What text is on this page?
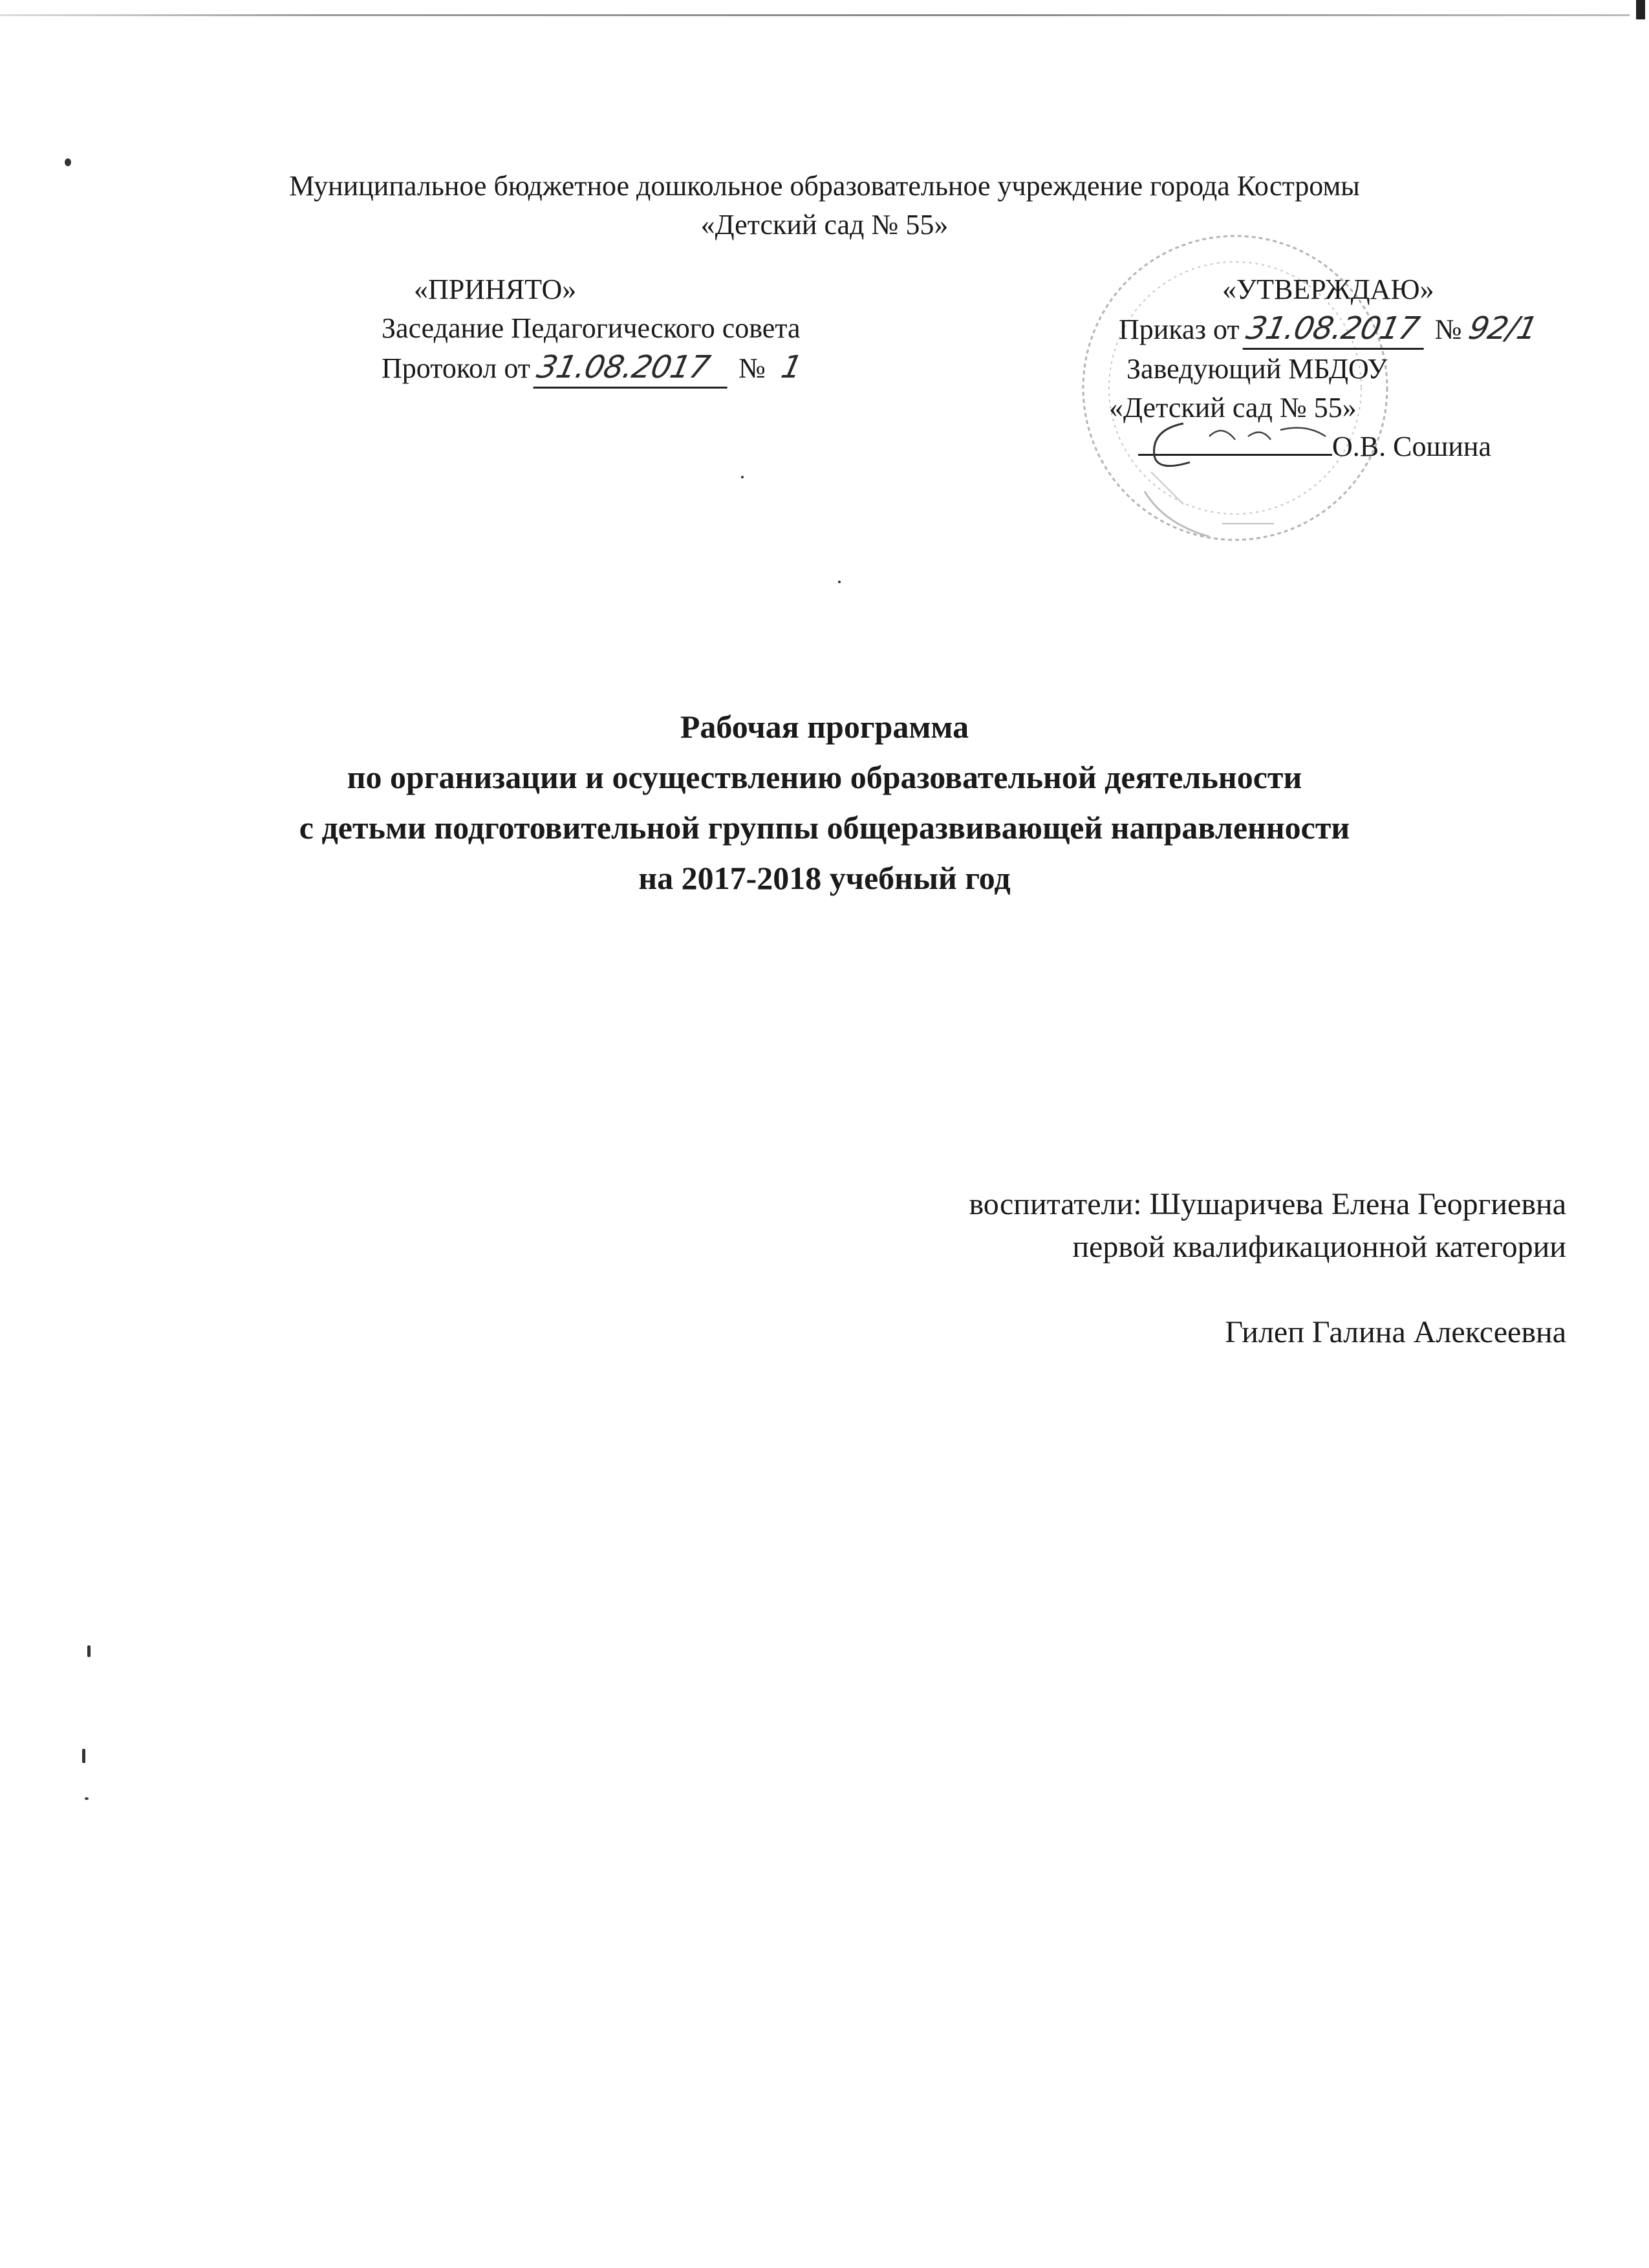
Муниципальное бюджетное дошкольное образовательное учреждение города Костромы
«Детский сад № 55»
«ПРИНЯТО»
Заседание Педагогического совета
Протокол от 31.08.2017 № 1
«УТВЕРЖДАЮ»
Приказ от 31.08.2017 № 92/1
Заведующий МБДОУ
«Детский сад № 55»
О.В. Сошина
Рабочая программа
по организации и осуществлению образовательной деятельности
с детьми подготовительной группы общеразвивающей направленности
на 2017-2018 учебный год
воспитатели: Шушаричева Елена Георгиевна
первой квалификационной категории
Гилеп Галина Алексеевна
